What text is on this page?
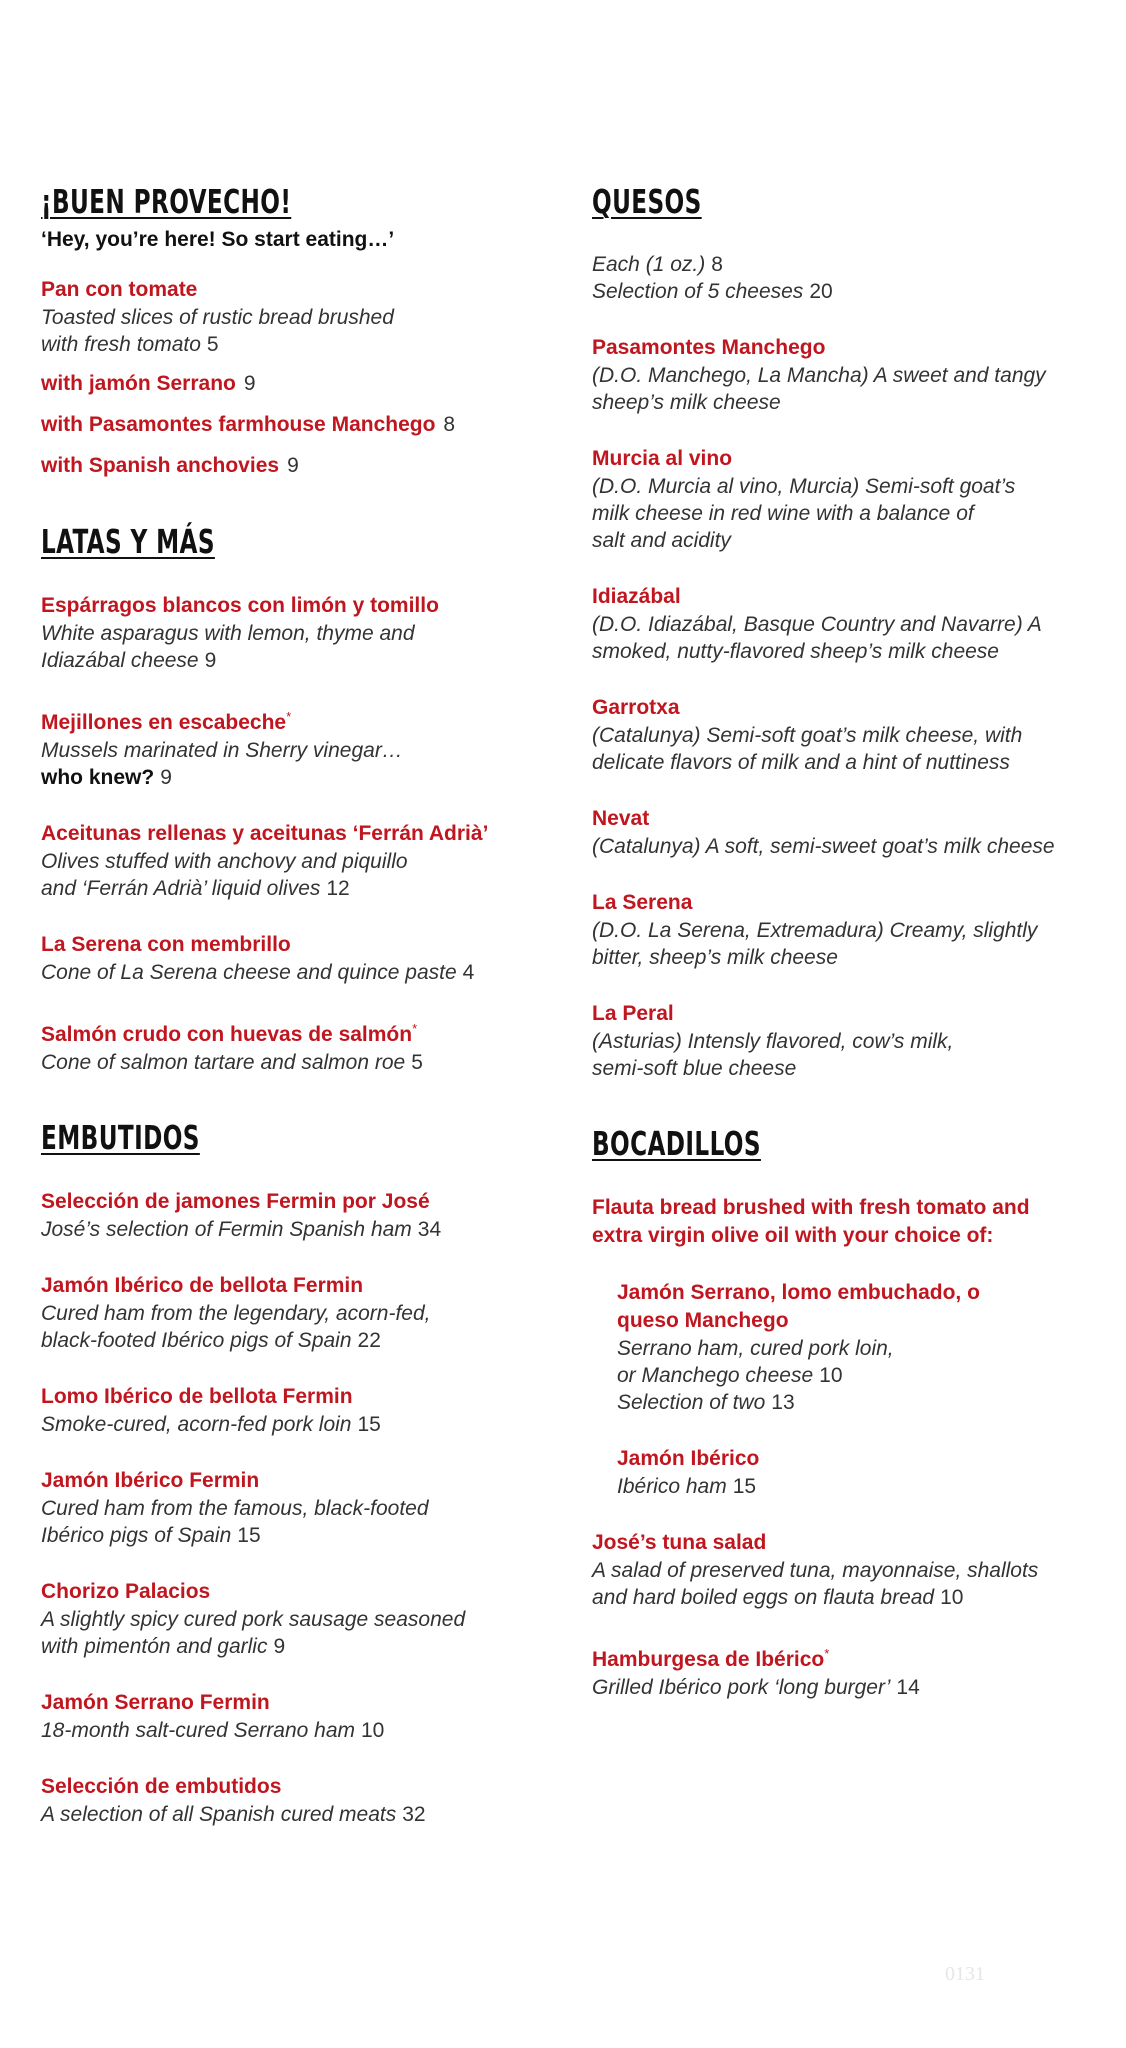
¡BUEN PROVECHO!

‘Hey, you’re here! So start eating…’

Pan con tomate
Toasted slices of rustic bread brushed
with fresh tomato 5
with jamón Serrano 9
with Pasamontes farmhouse Manchego 8
with Spanish anchovies 9
LATAS Y MÁS
Espárragos blancos con limón y tomillo
White asparagus with lemon, thyme and
Idiazábal cheese 9
Mejillones en escabeche*
Mussels marinated in Sherry vinegar…
who knew? 9
Aceitunas rellenas y aceitunas ‘Ferrán Adrià’
Olives stuffed with anchovy and piquillo
and ‘Ferrán Adrià’ liquid olives 12
La Serena con membrillo
Cone of La Serena cheese and quince paste 4
Salmón crudo con huevas de salmón*
Cone of salmon tartare and salmon roe 5
EMBUTIDOS
Selección de jamones Fermin por José
José’s selection of Fermin Spanish ham 34
Jamón Ibérico de bellota Fermin
Cured ham from the legendary, acorn-fed,
black-footed Ibérico pigs of Spain 22
Lomo Ibérico de bellota Fermin
Smoke-cured, acorn-fed pork loin 15
Jamón Ibérico Fermin
Cured ham from the famous, black-footed
Ibérico pigs of Spain 15
Chorizo Palacios
A slightly spicy cured pork sausage seasoned
with pimentón and garlic 9
Jamón Serrano Fermin
18-month salt-cured Serrano ham 10
Selección de embutidos
A selection of all Spanish cured meats 32
QUESOS
Each (1 oz.) 8
Selection of 5 cheeses 20
Pasamontes Manchego
(D.O. Manchego, La Mancha) A sweet and tangy
sheep’s milk cheese
Murcia al vino
(D.O. Murcia al vino, Murcia) Semi-soft goat’s
milk cheese in red wine with a balance of
salt and acidity
Idiazábal
(D.O. Idiazábal, Basque Country and Navarre) A
smoked, nutty-flavored sheep’s milk cheese
Garrotxa
(Catalunya) Semi-soft goat’s milk cheese, with
delicate flavors of milk and a hint of nuttiness
Nevat
(Catalunya) A soft, semi-sweet goat’s milk cheese
La Serena
(D.O. La Serena, Extremadura) Creamy, slightly
bitter, sheep’s milk cheese
La Peral
(Asturias) Intensly flavored, cow’s milk,
semi-soft blue cheese
BOCADILLOS
Flauta bread brushed with fresh tomato and
extra virgin olive oil with your choice of:
Jamón Serrano, lomo embuchado, o
queso Manchego
Serrano ham, cured pork loin,
or Manchego cheese 10
Selection of two 13
Jamón Ibérico
Ibérico ham 15
José’s tuna salad
A salad of preserved tuna, mayonnaise, shallots
and hard boiled eggs on flauta bread 10
Hamburgesa de Ibérico*
Grilled Ibérico pork ‘long burger’ 14
0131
